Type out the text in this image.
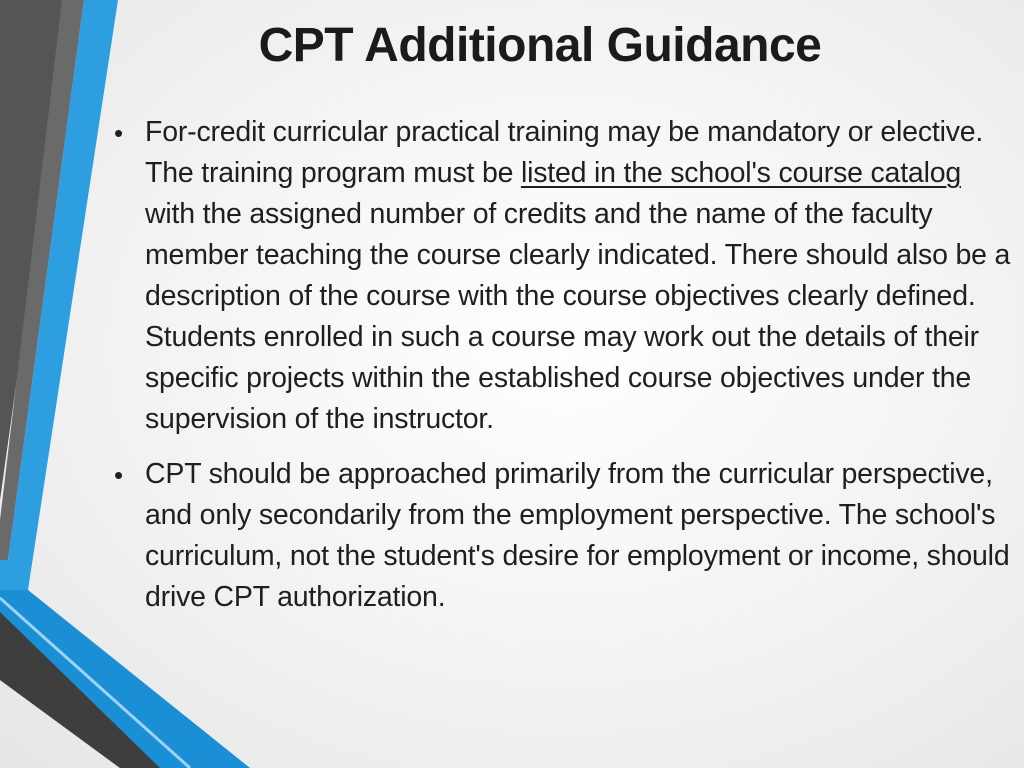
CPT Additional Guidance

• For-credit curricular practical training may be mandatory or elective. The training program must be listed in the school's course catalog with the assigned number of credits and the name of the faculty member teaching the course clearly indicated. There should also be a description of the course with the course objectives clearly defined. Students enrolled in such a course may work out the details of their specific projects within the established course objectives under the supervision of the instructor.

• CPT should be approached primarily from the curricular perspective, and only secondarily from the employment perspective. The school's curriculum, not the student's desire for employment or income, should drive CPT authorization.
